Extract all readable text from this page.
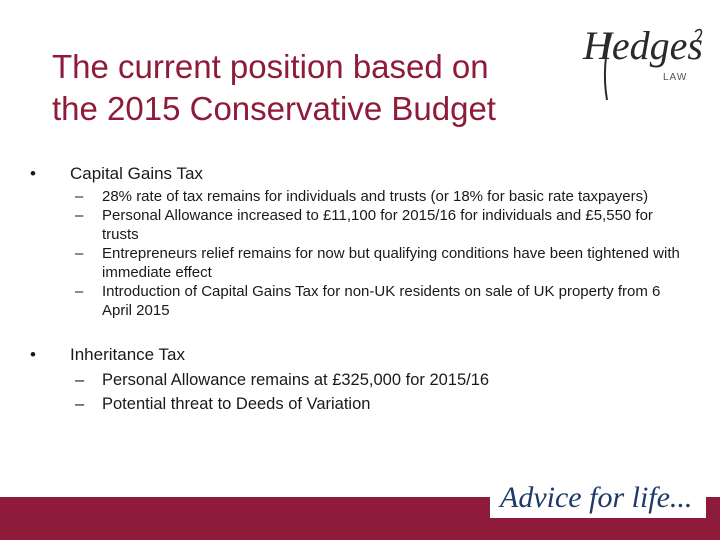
The current position based on
the 2015 Conservative Budget
Hedges
LAW
•	Capital Gains Tax
– 28% rate of tax remains for individuals and trusts (or 18% for basic rate taxpayers)
– Personal Allowance increased to £11,100 for 2015/16 for individuals and £5,550 for trusts
– Entrepreneurs relief remains for now but qualifying conditions have been tightened with immediate effect
– Introduction of Capital Gains Tax for non-UK residents on sale of UK property from 6 April 2015
•	Inheritance Tax
– Personal Allowance remains at £325,000 for 2015/16
– Potential threat to Deeds of Variation
Advice for life...
